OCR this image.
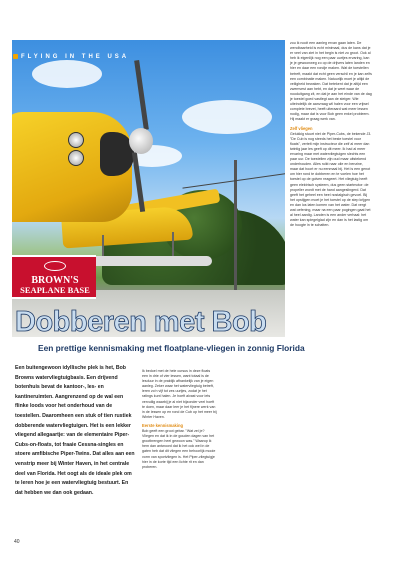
FLYING IN THE USA
BROWN'S
SEAPLANE BASE
Dobberen met Bob
Een prettige kennismaking met floatplane-vliegen in zonnig Florida
Een buitengewoon idyllische plek is het, Bob Browns watervliegtuigbasis. Een drijvend botenhuis bevat de kantoor-, les- en kantineruimten. Aangrenzend op de wal een flinke loods voor het onderhoud van de toestellen. Daaromheen een stuk of tien rustiek dobberende watervliegtuigen. Het is een lekker vliegend allegaartje: van de elementaire Piper-Cubs-on-floats, tot fraaie Cessna-singles en stoere amfibische Piper-Twins. Dat alles aan een venstrip meer bij Winter Haven, in het centrale deel van Florida. Het oogt als de ideale plek om te leren hoe je een watervliegtuig bestuurt. En dat hebben we dan ook gedaan.

Ik bedoel met de hele cursus in deze floats een in drie of vier lessen, want totaal is de lesduur in de praktijk afhankelijk van je eigen aanleg. Zeker waar het watervliegtuig betreft, leren zo'n vijf tot zes uurtjes, zodat je het ratings kunt halen. Je hoeft alvast voor iets vervuilig waarbij je al niet bijzonder veel hoeft te doen, maar daar leer je het fijnere werk van in de lessen op en rond de Cub op het meer bij Winter Haven.

Eerste kennismaking

Bob geeft een groot gebar. "Wat zei je? Vliegen en dat ik in de gouden dagen van het grootbrengen heel gewoon was." Waarop ik hem dan antwoord dat ik het ook wel in de gaten heb dat dit vliegen een behoorlijk mooie vorm van sportvliegen is. Het Piper-vliegtuigje hier in de korte tijd een lichte rit en dan proberen.

zou ik nooit een aanleg ervan gaan laten. De wendbaarheid is echt minimaal, dus de kans dat je er veel van ziet in het begin is niet zo groot. Ook al heb ik eigenlijk nog een paar uurtjes ervaring, kan je je gewoonweg zo op de drijvers laten landen en hier en daar een rondje maken. Wat de toestellen betreft, maakt dat echt geen verschil en je kan zelfs een combinatie maken. Natuurlijk moet je altijd de veiligheid bewaken. Dat betekent dat je altijd een zwemvest aan hebt, en dat je weet waar de nooduitgang zit, en dat je aan het einde van de dag je toestel goed vastlegt aan de steiger. Wie uiteindelijk de aanvraag wil halen voor een vrijwel complete brevet, heeft uiteraard wat meer lessen nodig, maar dat is voor Bob geen enkel probleem. Hij maakt er graag werk van.

Zelf vliegen

Gelukkig stuurt niet de Piper-Cubs, de bekende J3. "De Cub is nog steeds het beste toestel voor floats", vertelt mijn instructeur die zelf al meer dan twintig jaar les geeft op dit meer. Ik had al meer ervaring maar met watervliegtuigen slechts een paar uur. De toestellen zijn oud maar uitstekend onderhouden. Alles ruikt naar olie en benzine, maar dat hoort er nu eenmaal bij. Het is een genot om hier rond te dobberen en te voelen hoe het toestel op de golven reageert. Het vliegtuig heeft geen elektrisch systeem, dus geen startmotor: de propeller wordt met de hand aangeslingerd. Dat geeft het geheel een heel nostalgisch gevoel. Bij het opstijgen moet je het toestel op de step krijgen en dan los laten komen van het water. Dat vergt wat oefening, maar na een paar pogingen gaat het al heel aardig. Landen is een ander verhaal: het water kan spiegelglad zijn en dan is het lastig om de hoogte in te schatten.

40
